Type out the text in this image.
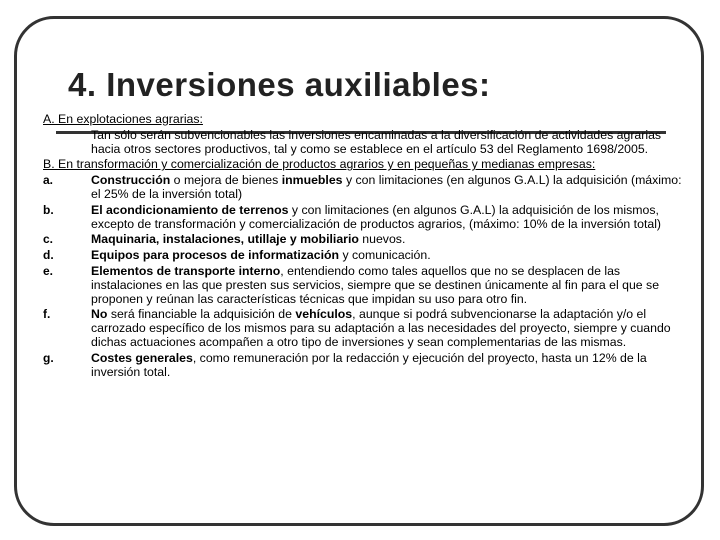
4. Inversiones auxiliables:

A. En explotaciones agrarias:

Tan sólo serán subvencionables las inversiones encaminadas a la diversificación de actividades agrarias hacia otros sectores productivos, tal y como se establece en el artículo 53 del Reglamento 1698/2005.

B. En transformación y comercialización de productos agrarios y en pequeñas y medianas empresas:

a.	Construcción o mejora de bienes inmuebles y con limitaciones (en algunos G.A.L) la adquisición (máximo: el 25% de la inversión total)
b.	El acondicionamiento de terrenos y con limitaciones (en algunos G.A.L) la adquisición de los mismos, excepto de transformación y comercialización de productos agrarios, (máximo: 10% de la inversión total)
c.	Maquinaria, instalaciones, utillaje y mobiliario nuevos.
d.	Equipos para procesos de informatización y comunicación.
e.	Elementos de transporte interno, entendiendo como tales aquellos que no se desplacen de las instalaciones en las que presten sus servicios, siempre que se destinen únicamente al fin para el que se proponen y reúnan las características técnicas que impidan su uso para otro fin.
f.	No será financiable la adquisición de vehículos, aunque si podrá subvencionarse la adaptación y/o el carrozado específico de los mismos para su adaptación a las necesidades del proyecto, siempre y cuando dichas actuaciones acompañen a otro tipo de inversiones y sean complementarias de las mismas.
g.	Costes generales, como remuneración por la redacción y ejecución del proyecto, hasta un 12% de la inversión total.
